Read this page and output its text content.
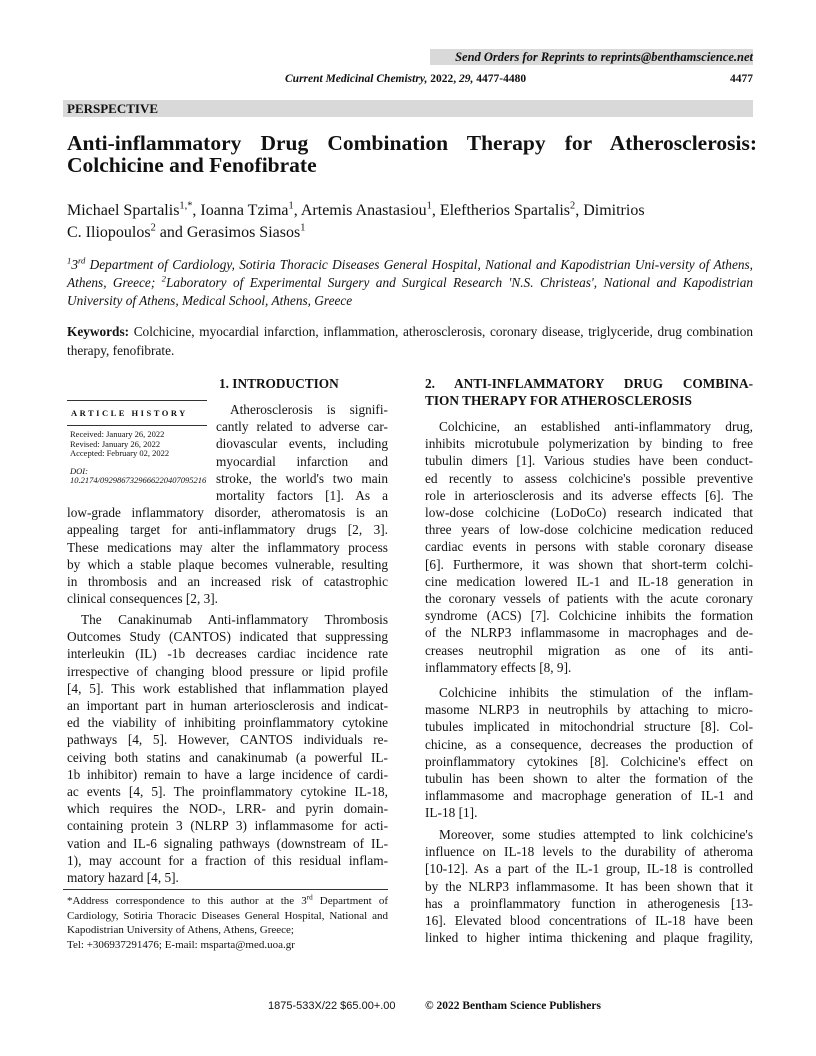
Send Orders for Reprints to reprints@benthamscience.net
Current Medicinal Chemistry, 2022, 29, 4477-4480	4477
PERSPECTIVE
Anti-inflammatory Drug Combination Therapy for Atherosclerosis:
Colchicine and Fenofibrate
Michael Spartalis$^{1,*}$, Ioanna Tzima$^1$, Artemis Anastasiou$^1$, Eleftherios Spartalis$^2$, Dimitrios
C. Iliopoulos$^2$ and Gerasimos Siasos$^1$
$^1$3rd Department of Cardiology, Sotiria Thoracic Diseases General Hospital, National and Kapodistrian Uni-versity of Athens, Athens, Greece; $^2$Laboratory of Experimental Surgery and Surgical Research 'N.S. Christeas', National and Kapodistrian University of Athens, Medical School, Athens, Greece
Keywords: Colchicine, myocardial infarction, inflammation, atherosclerosis, coronary disease, triglyceride, drug combination therapy, fenofibrate.
ARTICLE HISTORY
Received: January 26, 2022
Revised: January 26, 2022
Accepted: February 02, 2022
DOI:
10.2174/0929867329666220407095216
*Address correspondence to this author at the 3rd Department of Cardiology, Sotiria Thoracic Diseases General Hospital, National and Kapodistrian University of Athens, Athens, Greece;
Tel: +306937291476; E-mail: msparta@med.uoa.gr
1875-533X/22 $65.00+.00	© 2022 Bentham Science Publishers
1. INTRODUCTION
Atherosclerosis is signifi-
cantly related to adverse car-
diovascular events, including
myocardial infarction and
stroke, the world's two main
mortality factors [1]. As a
low-grade inflammatory disorder, atheromatosis is an
appealing target for anti-inflammatory drugs [2, 3].
These medications may alter the inflammatory process
by which a stable plaque becomes vulnerable, resulting
in thrombosis and an increased risk of catastrophic
clinical consequences [2, 3].
The Canakinumab Anti-inflammatory Thrombosis
Outcomes Study (CANTOS) indicated that suppressing
interleukin (IL) -1b decreases cardiac incidence rate
irrespective of changing blood pressure or lipid profile
[4, 5]. This work established that inflammation played
an important part in human arteriosclerosis and indicat-
ed the viability of inhibiting proinflammatory cytokine
pathways [4, 5]. However, CANTOS individuals re-
ceiving both statins and canakinumab (a powerful IL-
1b inhibitor) remain to have a large incidence of cardi-
ac events [4, 5]. The proinflammatory cytokine IL-18,
which requires the NOD-, LRR- and pyrin domain-
containing protein 3 (NLRP 3) inflammasome for acti-
vation and IL-6 signaling pathways (downstream of IL-
1), may account for a fraction of this residual inflam-
matory hazard [4, 5].
2. ANTI-INFLAMMATORY DRUG COMBINA-
TION THERAPY FOR ATHEROSCLEROSIS
Colchicine, an established anti-inflammatory drug,
inhibits microtubule polymerization by binding to free
tubulin dimers [1]. Various studies have been conduct-
ed recently to assess colchicine's possible preventive
role in arteriosclerosis and its adverse effects [6]. The
low-dose colchicine (LoDoCo) research indicated that
three years of low-dose colchicine medication reduced
cardiac events in persons with stable coronary disease
[6]. Furthermore, it was shown that short-term colchi-
cine medication lowered IL-1 and IL-18 generation in
the coronary vessels of patients with the acute coronary
syndrome (ACS) [7]. Colchicine inhibits the formation
of the NLRP3 inflammasome in macrophages and de-
creases neutrophil migration as one of its anti-
inflammatory effects [8, 9].
Colchicine inhibits the stimulation of the inflam-
masome NLRP3 in neutrophils by attaching to micro-
tubules implicated in mitochondrial structure [8]. Col-
chicine, as a consequence, decreases the production of
proinflammatory cytokines [8]. Colchicine's effect on
tubulin has been shown to alter the formation of the
inflammasome and macrophage generation of IL-1 and
IL-18 [1].
Moreover, some studies attempted to link colchicine's
influence on IL-18 levels to the durability of atheroma
[10-12]. As a part of the IL-1 group, IL-18 is controlled
by the NLRP3 inflammasome. It has been shown that it
has a proinflammatory function in atherogenesis [13-
16]. Elevated blood concentrations of IL-18 have been
linked to higher intima thickening and plaque fragility,
